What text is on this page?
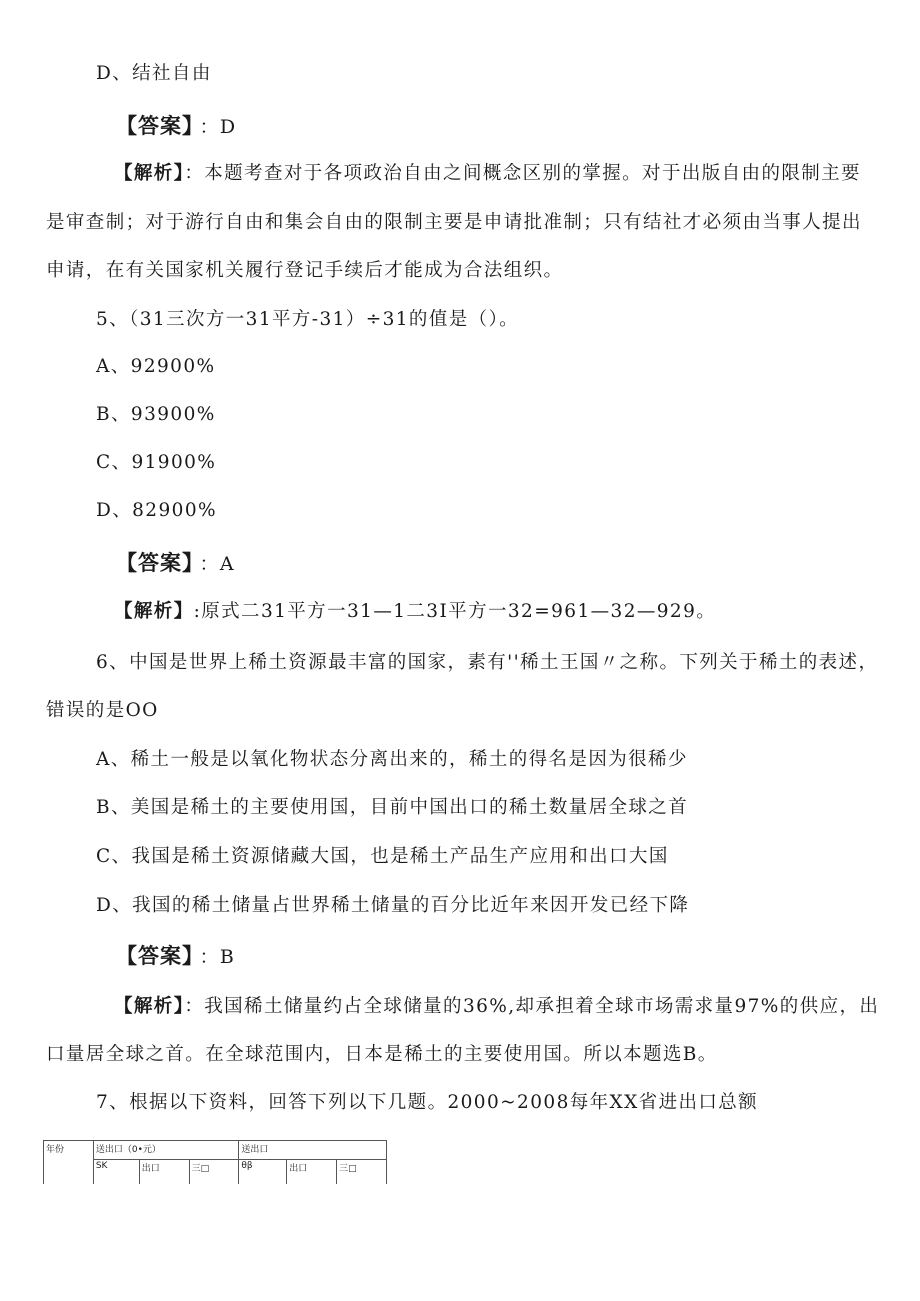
D、结社自由
【答案】 ：D
【解析】：本题考查对于各项政治自由之间概念区别的掌握。对于出版自由的限制主要
是审查制；对于游行自由和集会自由的限制主要是申请批准制；只有结社才必须由当事人提出
申请，在有关国家机关履行登记手续后才能成为合法组织。
5、（31三次方一31平方-31）÷31的值是（）。
A、92900%
B、93900%
C、91900%
D、82900%
【答案】 ：A
【解析】:原式二31平方一31—1二3I平方一32=961—32—929。
6、中国是世界上稀土资源最丰富的国家，素有''稀土王国〃之称。下列关于稀土的表述，
错误的是OO
A、稀土一般是以氧化物状态分离出来的，稀土的得名是因为很稀少
B、美国是稀土的主要使用国，目前中国出口的稀土数量居全球之首
C、我国是稀土资源储藏大国，也是稀土产品生产应用和出口大国
D、我国的稀土储量占世界稀土储量的百分比近年来因开发已经下降
【答案】 ：B
【解析】：我国稀土储量约占全球储量的36%,却承担着全球市场需求量97%的供应，出
口量居全球之首。在全球范围内，日本是稀土的主要使用国。所以本题选B。
7、根据以下资料，回答下列以下几题。2000~2008每年XX省进出口总额
年份	送出口（0•元）			送出口		
	SK	出口	三□	θβ	出口	三□
